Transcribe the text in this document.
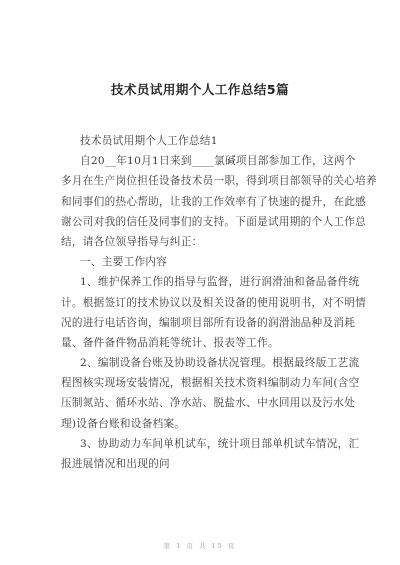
技术员试用期个人工作总结5篇
技术员试用期个人工作总结1
自20__年10月1日来到____氯碱项目部参加工作，这两个
多月在生产岗位担任设备技术员一职，得到项目部领导的关心培养
和同事们的热心帮助，让我的工作效率有了快速的提升，在此感
谢公司对我的信任及同事们的支持。下面是试用期的个人工作总
结，请各位领导指导与纠正：
一、主要工作内容
1、维护保养工作的指导与监督，进行润滑油和备品备件统
计。根据签订的技术协议以及相关设备的使用说明书，对不明情
况的进行电话咨询，编制项目部所有设备的润滑油品种及消耗
量、备件备件物品消耗等统计、报表等工作。
2、编制设备台账及协助设备状况管理。根据最终版工艺流
程图核实现场安装情况，根据相关技术资料编制动力车间(含空
压制氮站、循环水站、净水站、脱盐水、中水回用以及污水处
理)设备台账和设备档案。
3、协助动力车间单机试车，统计项目部单机试车情况，汇
报进展情况和出现的问
第 1 页 共 15 页
